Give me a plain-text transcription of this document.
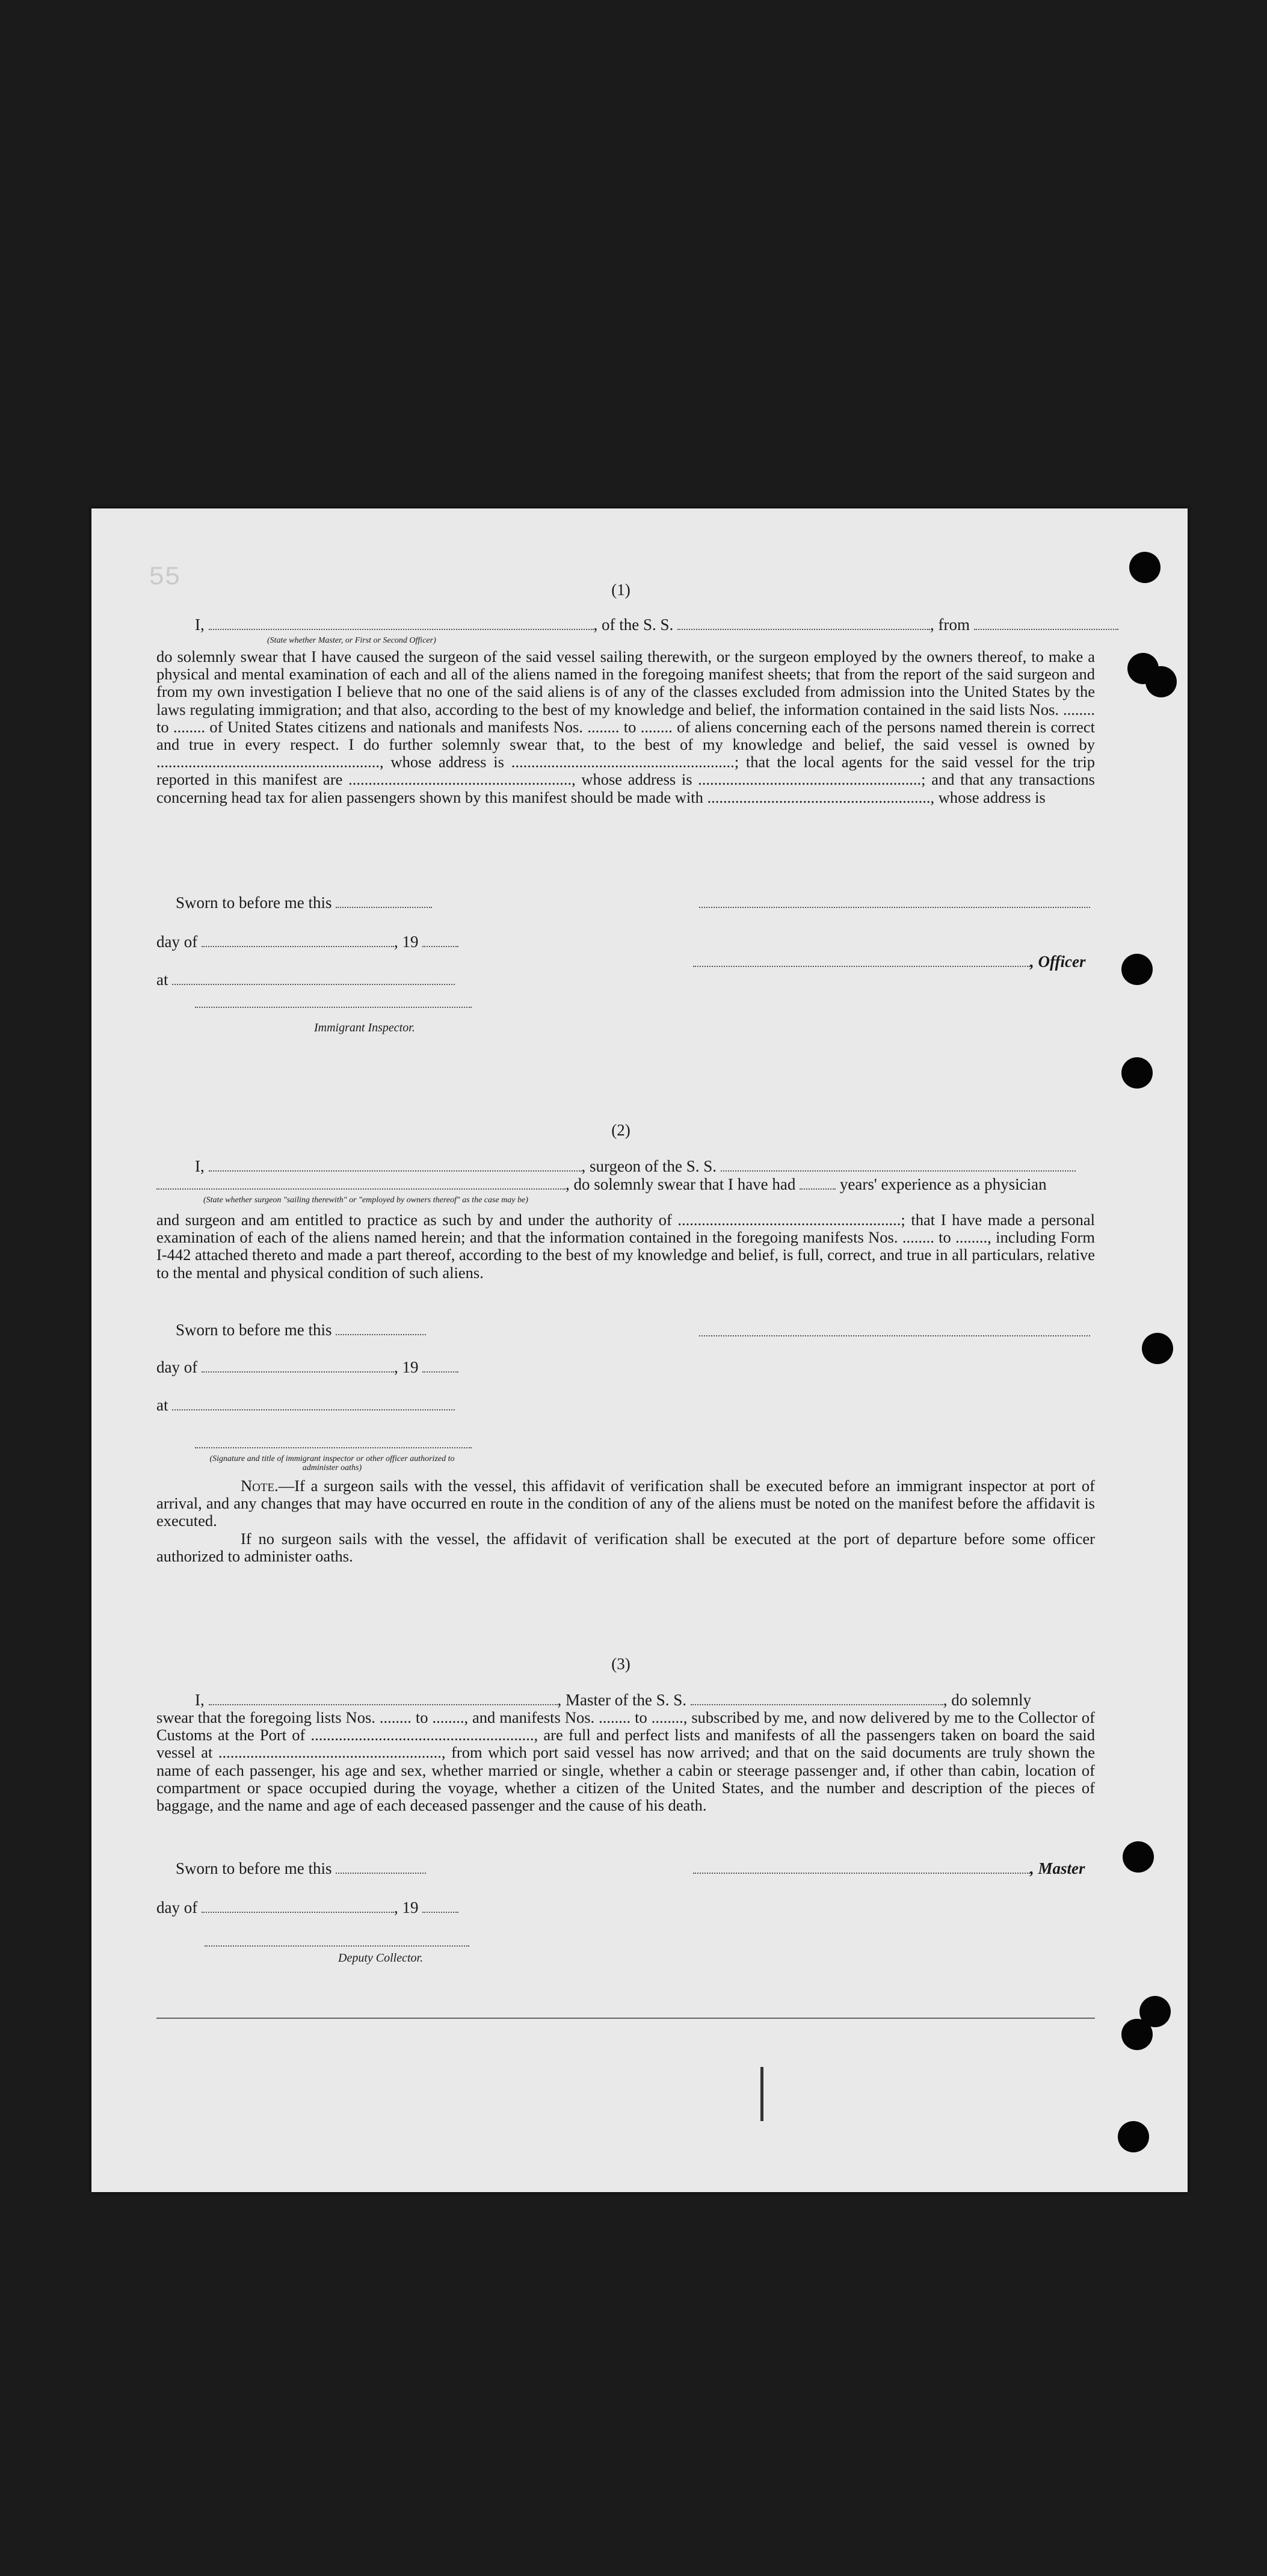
55	(1)
I,	, of the S. S.	, from
(State whether Master, or First or Second Officer)

do solemnly swear that I have caused the surgeon of the said vessel sailing therewith, or the surgeon employed by the owners thereof, to make a physical and mental examination of each and all of the aliens named in the foregoing manifest sheets; that from the report of the said surgeon and from my own investigation I believe that no one of the said aliens is of any of the classes excluded from admission into the United States by the laws regulating immigration; and that also, according to the best of my knowledge and belief, the information contained in the said lists Nos. ........ to ........ of United States citizens and nationals and manifests Nos. ........ to ........ of aliens concerning each of the persons named therein is correct and true in every respect. I do further solemnly swear that, to the best of my knowledge and belief, the said vessel is owned by ........................................................, whose address is ........................................................; that the local agents for the said vessel for the trip reported in this manifest are ........................................................, whose address is ........................................................; and that any transactions concerning head tax for alien passengers shown by this manifest should be made with ........................................................, whose address is

Sworn to before me this
day of	, 19
, Officer
at
Immigrant Inspector.
(2)
I,	, surgeon of the S. S.
, do solemnly swear that I have had	years' experience as a physician
(State whether surgeon "sailing therewith" or "employed by owners thereof" as the case may be)

and surgeon and am entitled to practice as such by and under the authority of ........................................................; that I have made a personal examination of each of the aliens named herein; and that the information contained in the foregoing manifests Nos. ........ to ........, including Form I-442 attached thereto and made a part thereof, according to the best of my knowledge and belief, is full, correct, and true in all particulars, relative to the mental and physical condition of such aliens.

Sworn to before me this
day of	, 19
at
(Signature and title of immigrant inspector or other officer authorized to administer oaths)

Note.—If a surgeon sails with the vessel, this affidavit of verification shall be executed before an immigrant inspector at port of arrival, and any changes that may have occurred en route in the condition of any of the aliens must be noted on the manifest before the affidavit is executed.

If no surgeon sails with the vessel, the affidavit of verification shall be executed at the port of departure before some officer authorized to administer oaths.

(3)
I,	, Master of the S. S.	, do solemnly

swear that the foregoing lists Nos. ........ to ........, and manifests Nos. ........ to ........, subscribed by me, and now delivered by me to the Collector of Customs at the Port of ........................................................, are full and perfect lists and manifests of all the passengers taken on board the said vessel at ........................................................, from which port said vessel has now arrived; and that on the said documents are truly shown the name of each passenger, his age and sex, whether married or single, whether a cabin or steerage passenger and, if other than cabin, location of compartment or space occupied during the voyage, whether a citizen of the United States, and the number and description of the pieces of baggage, and the name and age of each deceased passenger and the cause of his death.

Sworn to before me this	, Master
day of	, 19
Deputy Collector.
